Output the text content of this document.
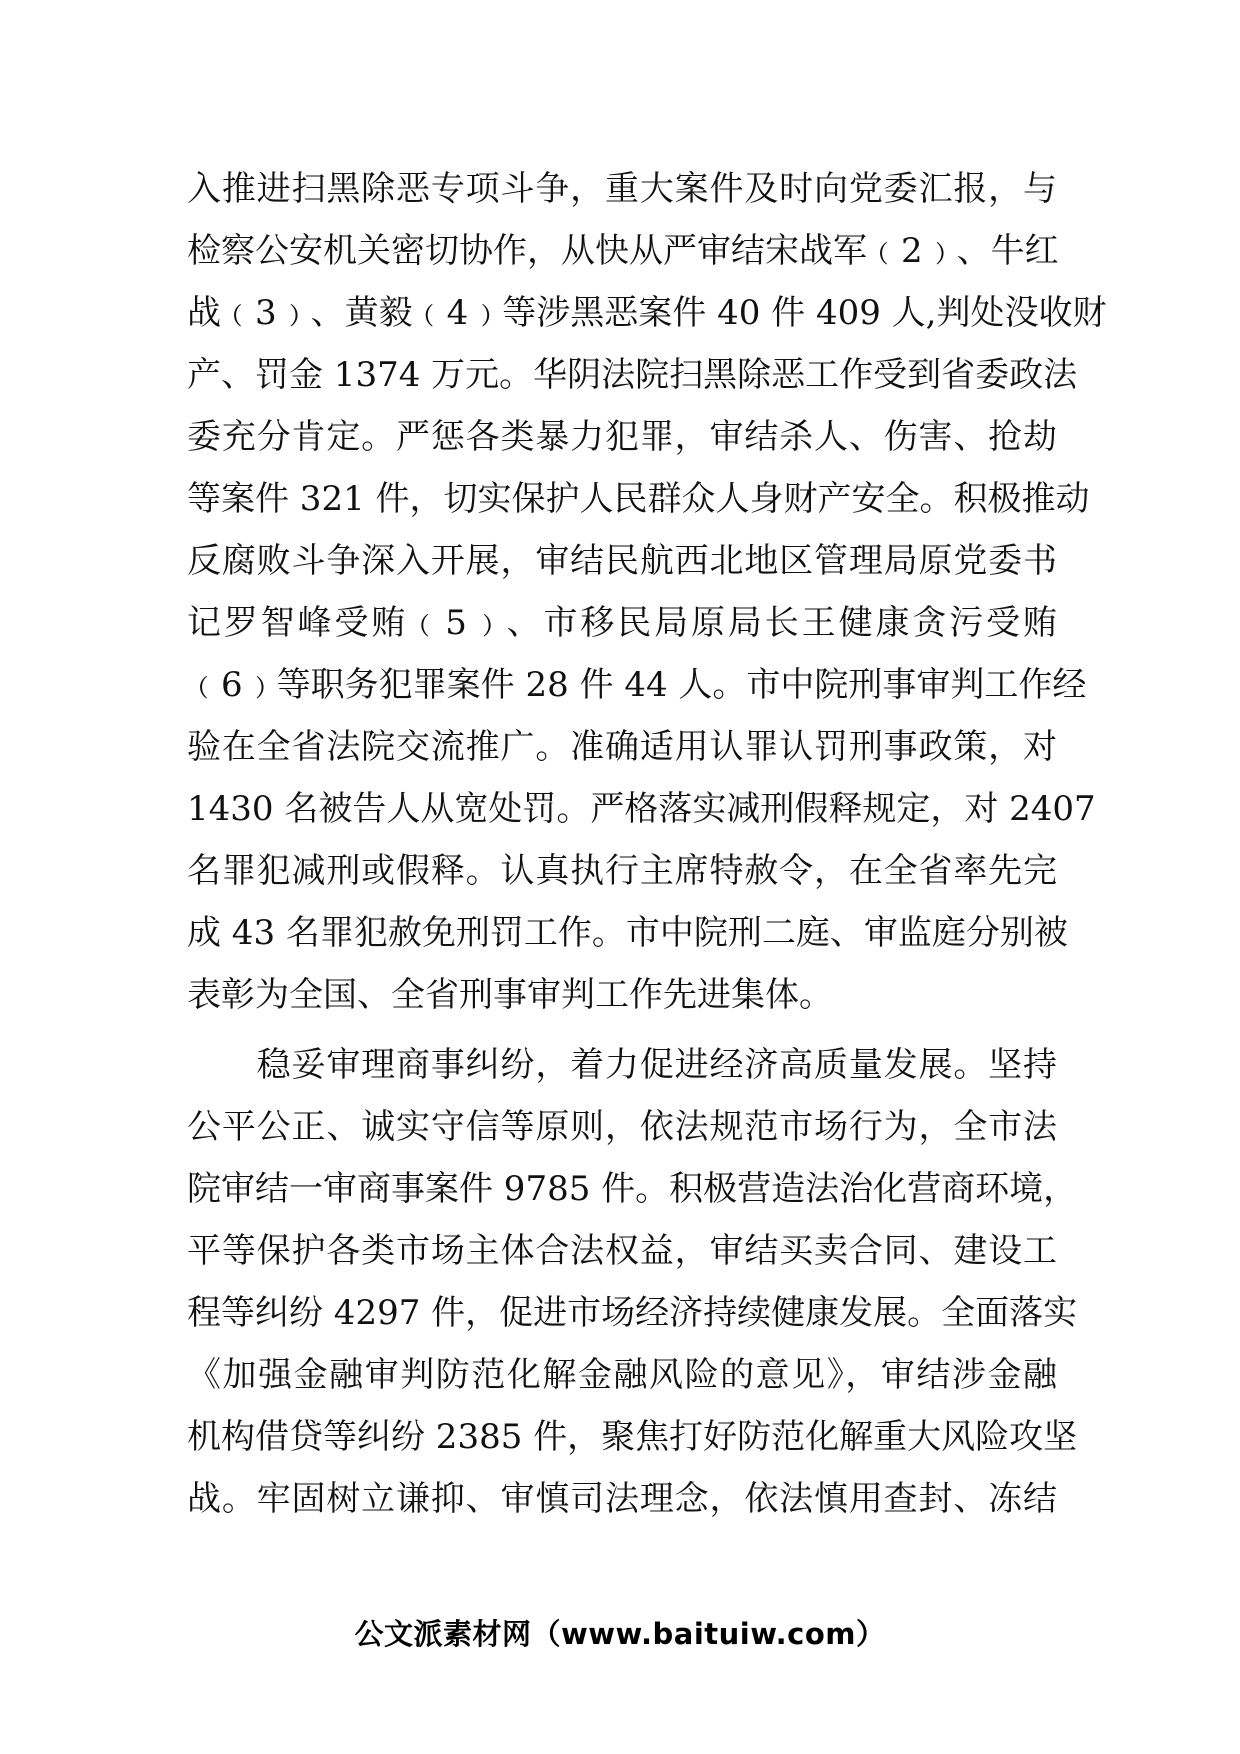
入推进扫黑除恶专项斗争，重大案件及时向党委汇报，与
检察公安机关密切协作，从快从严审结宋战军﹙2﹚、牛红
战﹙3﹚、黄毅﹙4﹚等涉黑恶案件 40 件 409 人,判处没收财
产、罚金 1374 万元。华阴法院扫黑除恶工作受到省委政法
委充分肯定。严惩各类暴力犯罪，审结杀人、伤害、抢劫
等案件 321 件，切实保护人民群众人身财产安全。积极推动
反腐败斗争深入开展，审结民航西北地区管理局原党委书
记罗智峰受贿﹙5﹚、市移民局原局长王健康贪污受贿
﹙6﹚等职务犯罪案件 28 件 44 人。市中院刑事审判工作经
验在全省法院交流推广。准确适用认罪认罚刑事政策，对
1430 名被告人从宽处罚。严格落实减刑假释规定，对 2407
名罪犯减刑或假释。认真执行主席特赦令，在全省率先完
成 43 名罪犯赦免刑罚工作。市中院刑二庭、审监庭分别被
表彰为全国、全省刑事审判工作先进集体。
　　稳妥审理商事纠纷，着力促进经济高质量发展。坚持
公平公正、诚实守信等原则，依法规范市场行为，全市法
院审结一审商事案件 9785 件。积极营造法治化营商环境，
平等保护各类市场主体合法权益，审结买卖合同、建设工
程等纠纷 4297 件，促进市场经济持续健康发展。全面落实
《加强金融审判防范化解金融风险的意见》，审结涉金融
机构借贷等纠纷 2385 件，聚焦打好防范化解重大风险攻坚
战。牢固树立谦抑、审慎司法理念，依法慎用查封、冻结
公文派素材网（www.baituiw.com）
